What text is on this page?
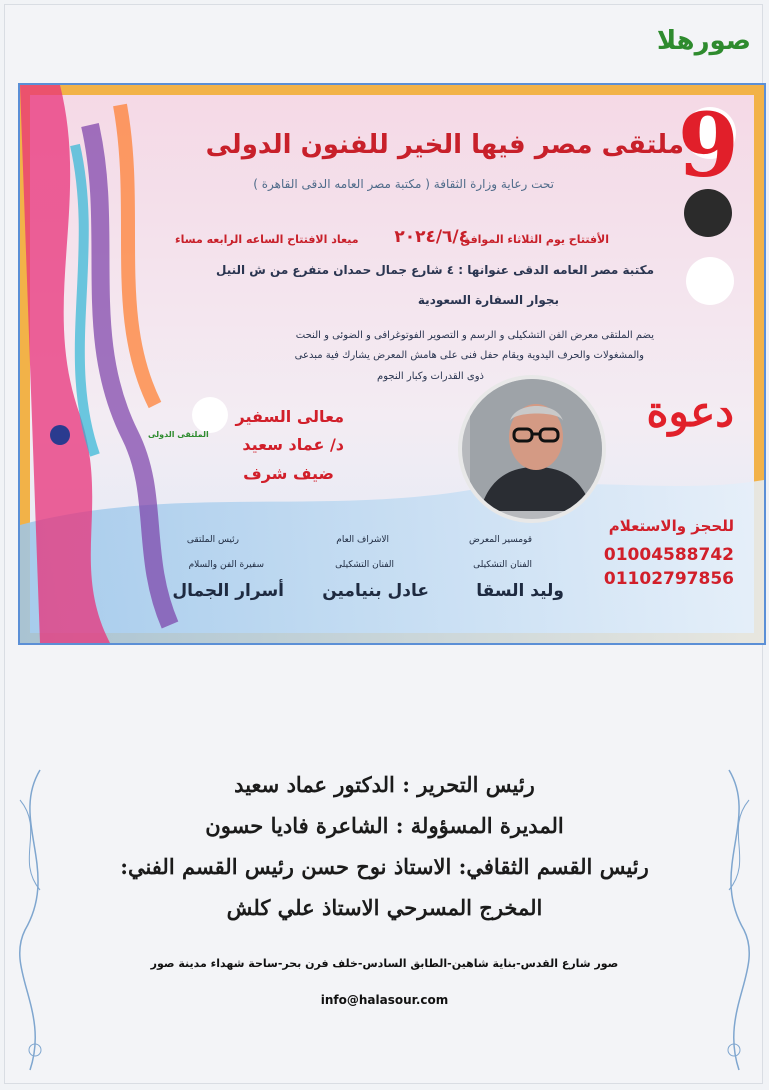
هلا صور
9
ملتقى مصر فيها الخير للفنون الدولى
تحت رعاية وزارة الثقافة ( مكتبة مصر العامه الدقى القاهرة )
الأفتتاح يوم الثلاثاء الموافق
٢٠٢٤/٦/٤
ميعاد الافتتاح الساعه الرابعه مساء
مكتبة مصر العامه الدقى عنوانها : ٤ شارع جمال حمدان متفرع من ش النيل
بجوار السفارة السعودية
يضم الملتقى معرض الفن التشكيلى و الرسم و التصوير الفوتوغرافى و الضوئى و النحت
والمشغولات والحرف اليدوية ويقام حفل فنى على هامش المعرض يشارك فية مبدعى
ذوى القدرات وكبار النجوم
معالى السفير
د/ عماد سعيد
ضيف شرف
دعوة
للحجز والاستعلام
01004588742
01102797856
قومسير المعرض
الفنان التشكيلى
وليد السقا
الاشراف العام
الفنان التشكيلى
عادل بنيامين
رئيس الملتقى
سفيرة الفن والسلام
أسرار الجمال
الملتقى الدولى
رئيس التحرير : الدكتور عماد سعيد
المديرة المسؤولة : الشاعرة فاديا حسون
رئيس القسم الثقافي: الاستاذ نوح حسن رئيس القسم الفني:
المخرج المسرحي الاستاذ علي كلش
صور شارع القدس-بناية شاهين-الطابق السادس-خلف فرن بحر-ساحة شهداء مدينة صور
info@halasour.com
